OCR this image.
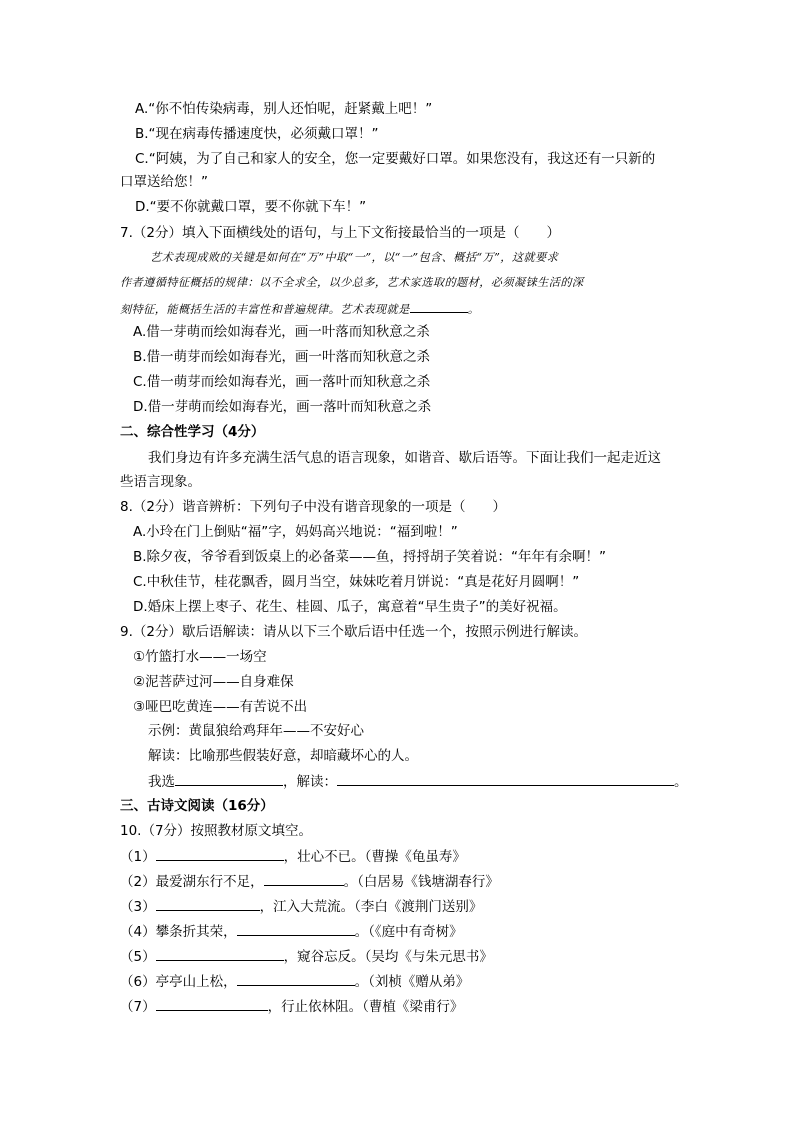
A.“你不怕传染病毒，别人还怕呢，赶紧戴上吧！”
B.“现在病毒传播速度快，必须戴口罩！”
C.“阿姨，为了自己和家人的安全，您一定要戴好口罩。如果您没有，我这还有一只新的
口罩送给您！”
D.“要不你就戴口罩，要不你就下车！”
7.（2分）填入下面横线处的语句，与上下文衔接最恰当的一项是（　　）
艺术表现成败的关键是如何在“万”中取“一”，以“一”包含、概括“万”，这就要求
作者遵循特征概括的规律：以不全求全，以少总多，艺术家选取的题材，必须凝铼生活的深
刻特征，能概括生活的丰富性和普遍规律。艺术表现就是	。
A.借一芽萌而绘如海春光，画一叶落而知秋意之杀
B.借一萌芽而绘如海春光，画一叶落而知秋意之杀
C.借一萌芽而绘如海春光，画一落叶而知秋意之杀
D.借一芽萌而绘如海春光，画一落叶而知秋意之杀
二、综合性学习（4分）
我们身边有许多充满生活气息的语言现象，如谐音、歇后语等。下面让我们一起走近这
些语言现象。
8.（2分）谐音辨析：下列句子中没有谐音现象的一项是（　　）
A.小玲在门上倒贴“福”字，妈妈高兴地说：“福到啦！”
B.除夕夜，爷爷看到饭桌上的必备菜——鱼，捋捋胡子笑着说：“年年有余啊！”
C.中秋佳节，桂花飘香，圆月当空，妹妹吃着月饼说：“真是花好月圆啊！”
D.婚床上摆上枣子、花生、桂圆、瓜子，寓意着“早生贵子”的美好祝福。
9.（2分）歇后语解读：请从以下三个歇后语中任选一个，按照示例进行解读。
①竹篮打水——一场空
②泥菩萨过河——自身难保
③哑巴吃黄连——有苦说不出
示例：黄鼠狼给鸡拜年——不安好心
解读：比喻那些假装好意，却暗藏坏心的人。
我选	，解读：	。
三、古诗文阅读（16分）
10.（7分）按照教材原文填空。
（1）	，壮心不已。（曹操《龟虽寿》
（2）最爱湖东行不足，	。（白居易《钱塘湖春行》
（3）	，江入大荒流。（李白《渡荆门送别》
（4）攀条折其荣，	。（《庭中有奇树》
（5）	，窥谷忘反。（吴均《与朱元思书》
（6）亭亭山上松，	。（刘桢《赠从弟》
（7）	，行止依林阻。（曹植《梁甫行》
